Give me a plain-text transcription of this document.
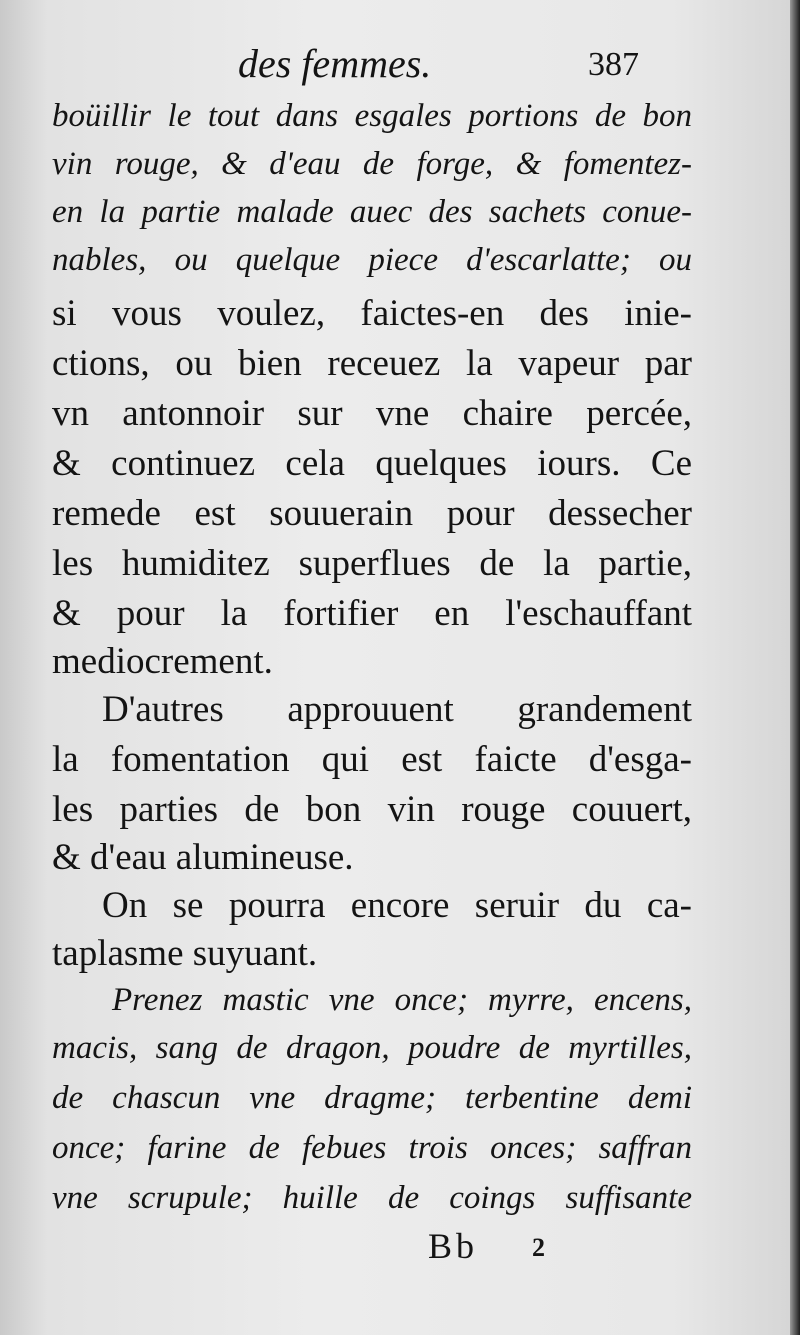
des femmes.	387
boüillir le tout dans esgales portions de bon
vin rouge, & d'eau de forge, & fomentez-
en la partie malade auec des sachets conue-
nables, ou quelque piece d'escarlatte; ou
si vous voulez, faictes-en des inie-
ctions, ou bien receuez la vapeur par
vn antonnoir sur vne chaire percée,
& continuez cela quelques iours. Ce
remede est souuerain pour dessecher
les humiditez superflues de la partie,
& pour la fortifier en l'eschauffant
mediocrement.
D'autres approuuent grandement
la fomentation qui est faicte d'esga-
les parties de bon vin rouge couuert,
& d'eau alumineuse.
On se pourra encore seruir du ca-
taplasme suyuant.
Prenez mastic vne once; myrre, encens,
macis, sang de dragon, poudre de myrtilles,
de chascun vne dragme; terbentine demi
once; farine de febues trois onces; saffran
vne scrupule; huille de coings suffisante
Bb 2
